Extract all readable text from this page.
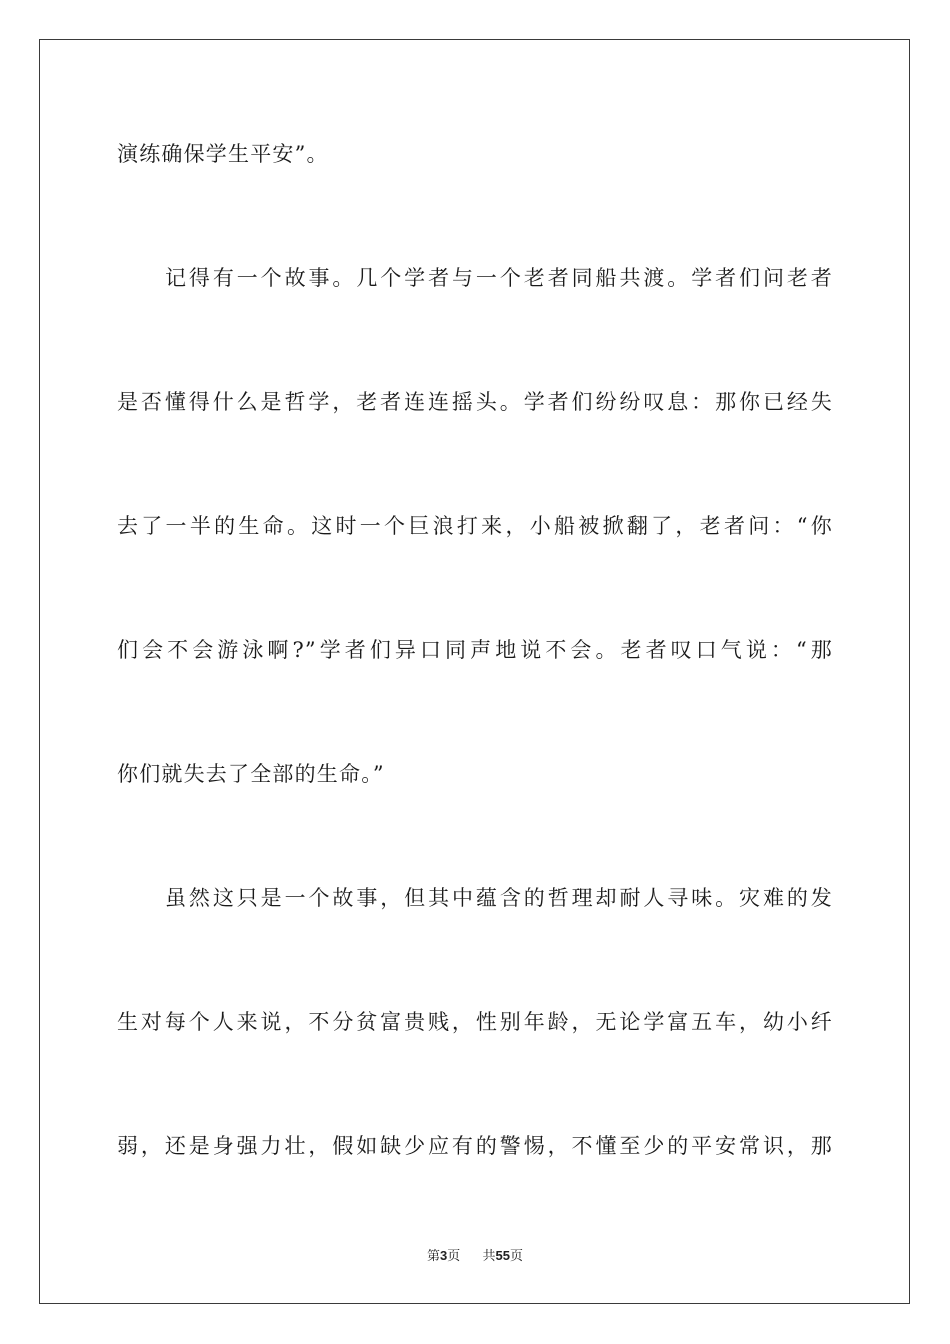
演练确保学生平安”。
记得有一个故事。几个学者与一个老者同船共渡。学者们问老者
是否懂得什么是哲学，老者连连摇头。学者们纷纷叹息：那你已经失
去了一半的生命。这时一个巨浪打来，小船被掀翻了，老者问：“你
们会不会游泳啊?”学者们异口同声地说不会。老者叹口气说：“那
你们就失去了全部的生命。”
虽然这只是一个故事，但其中蕴含的哲理却耐人寻味。灾难的发
生对每个人来说，不分贫富贵贱，性别年龄，无论学富五车，幼小纤
弱，还是身强力壮，假如缺少应有的警惕，不懂至少的平安常识，那
第3页 共55页
